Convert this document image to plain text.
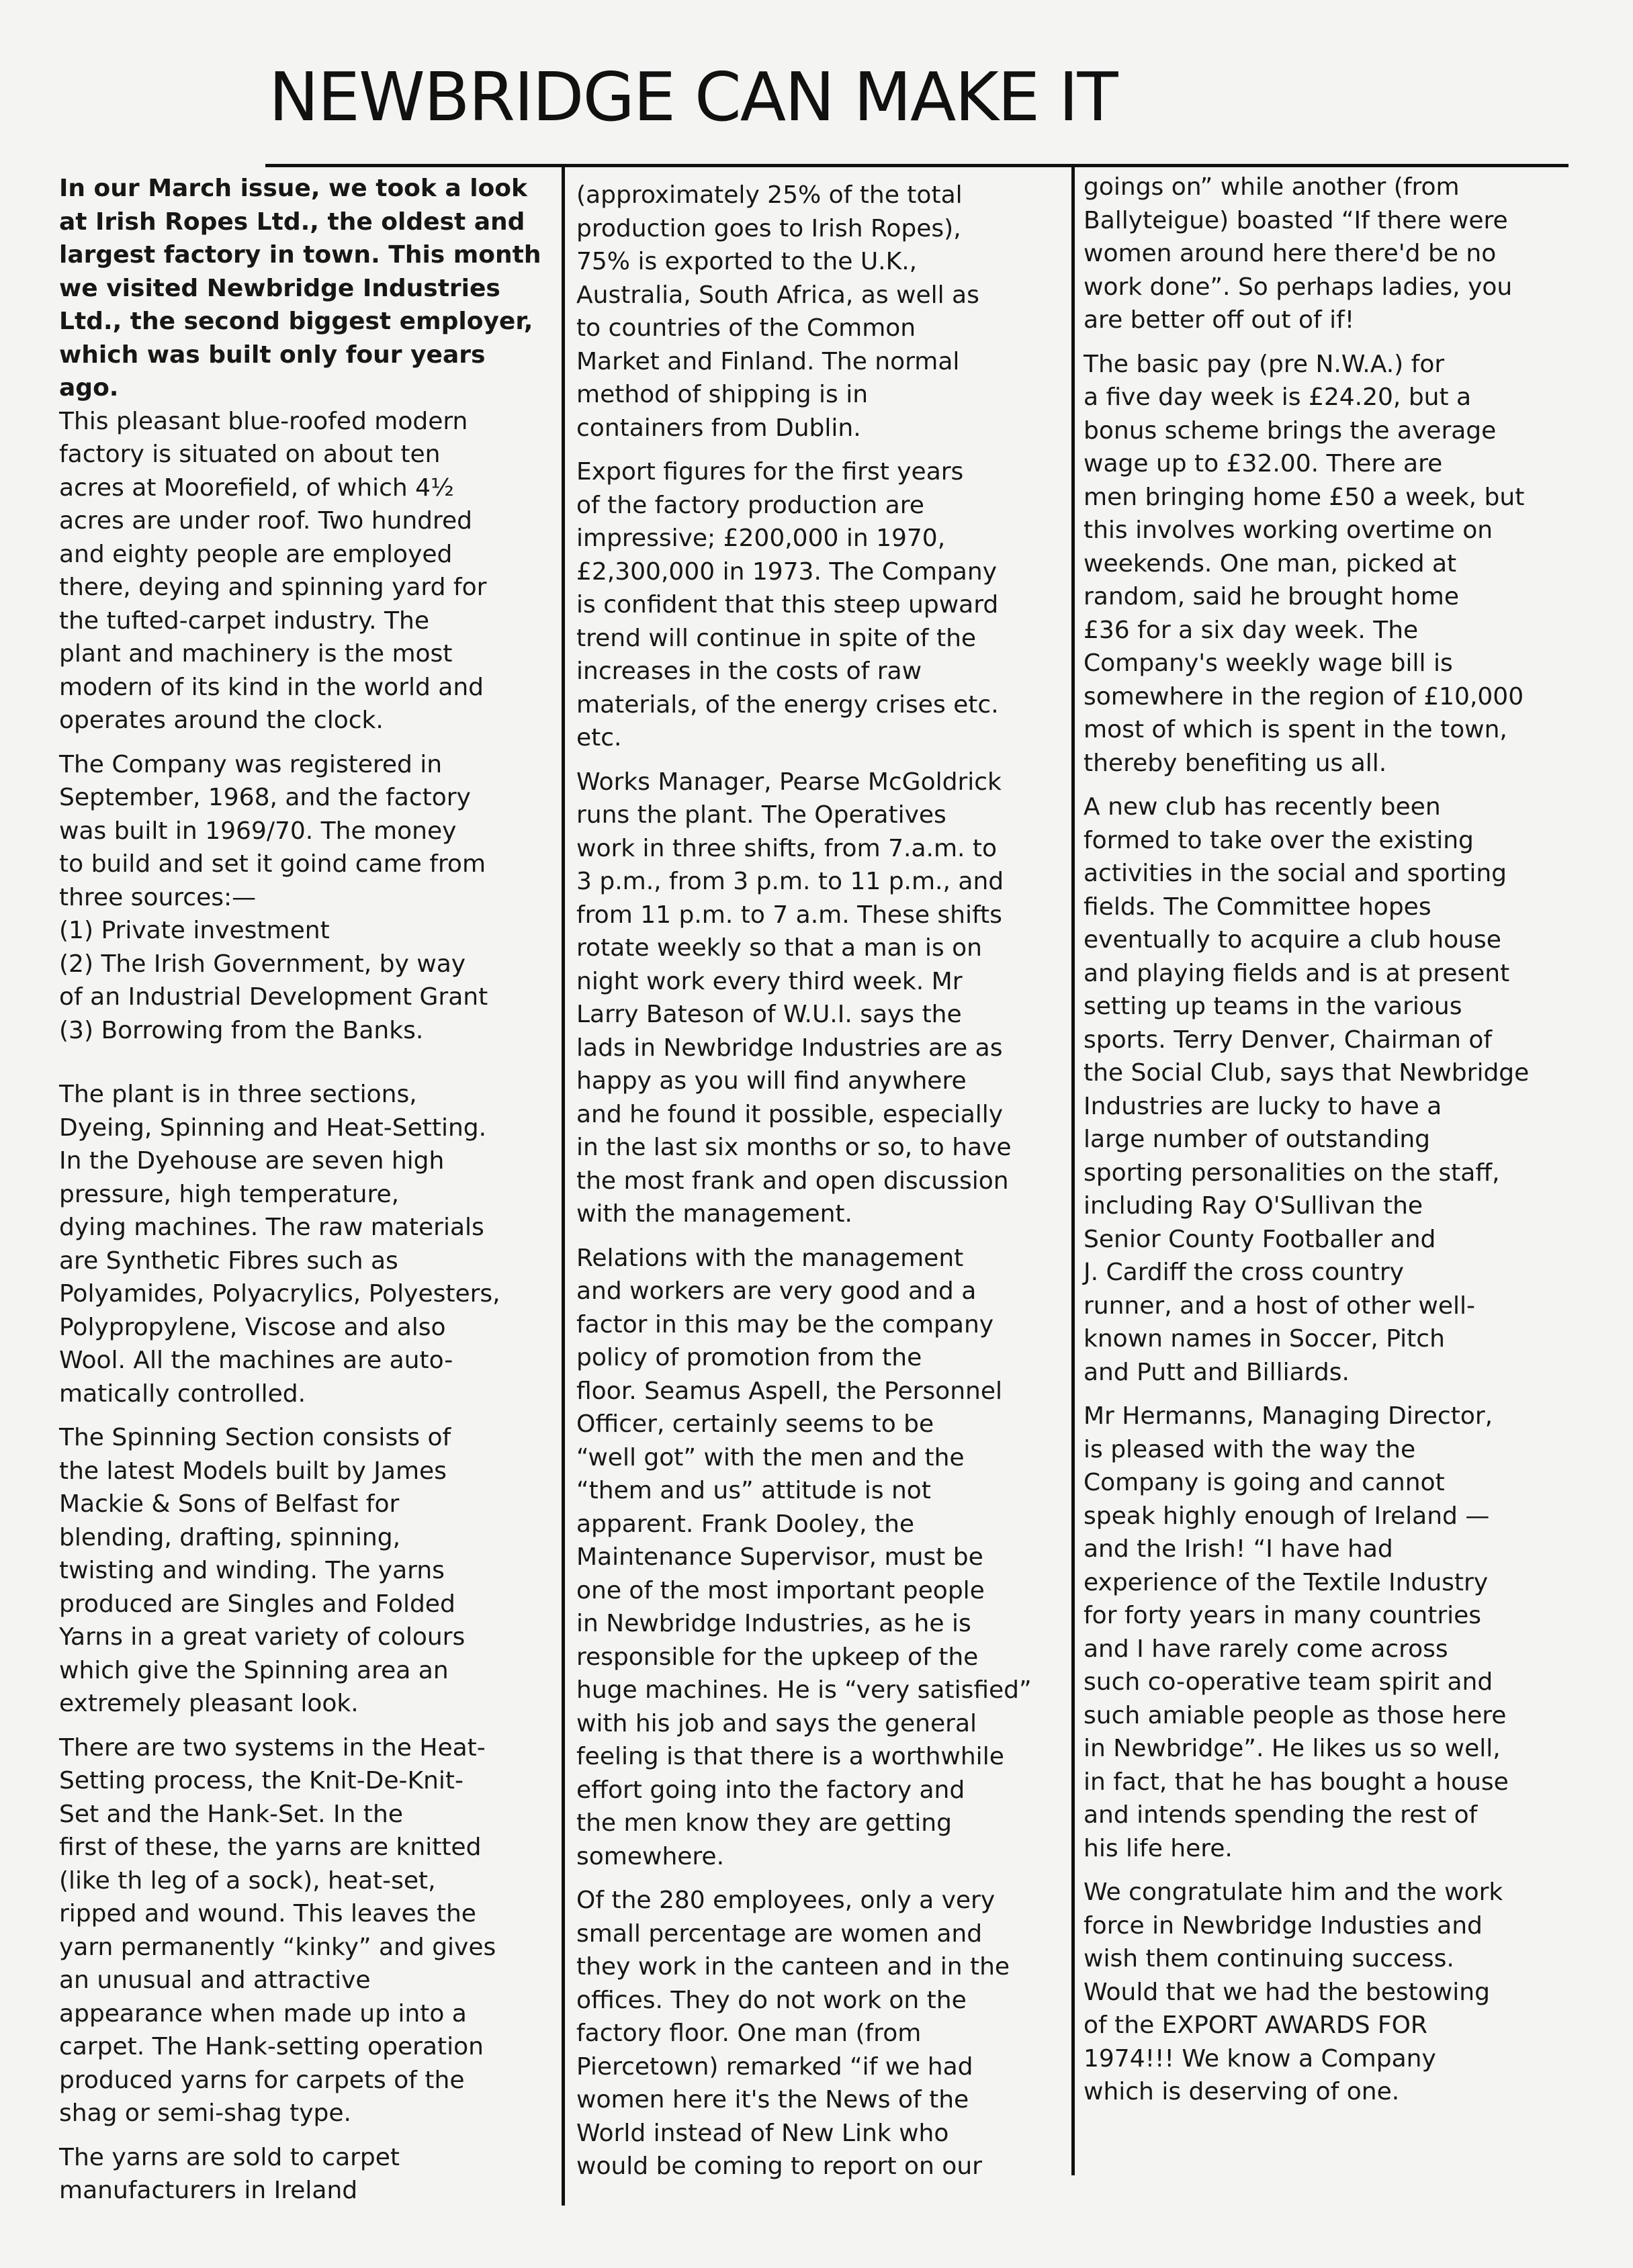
NEWBRIDGE CAN MAKE IT

In our March issue, we took a look
at Irish Ropes Ltd., the oldest and
largest factory in town. This month
we visited Newbridge Industries
Ltd., the second biggest employer,
which was built only four years
ago.

This pleasant blue-roofed modern
factory is situated on about ten
acres at Moorefield, of which 4½
acres are under roof. Two hundred
and eighty people are employed
there, deying and spinning yard for
the tufted-carpet industry. The
plant and machinery is the most
modern of its kind in the world and
operates around the clock.

The Company was registered in
September, 1968, and the factory
was built in 1969/70. The money
to build and set it goind came from
three sources:—
(1) Private investment
(2) The Irish Government, by way
of an Industrial Development Grant
(3) Borrowing from the Banks.

The plant is in three sections,
Dyeing, Spinning and Heat-Setting.
In the Dyehouse are seven high
pressure, high temperature,
dying machines. The raw materials
are Synthetic Fibres such as
Polyamides, Polyacrylics, Polyesters,
Polypropylene, Viscose and also
Wool. All the machines are auto-
matically controlled.

The Spinning Section consists of
the latest Models built by James
Mackie & Sons of Belfast for
blending, drafting, spinning,
twisting and winding. The yarns
produced are Singles and Folded
Yarns in a great variety of colours
which give the Spinning area an
extremely pleasant look.

There are two systems in the Heat-
Setting process, the Knit-De-Knit-
Set and the Hank-Set. In the
first of these, the yarns are knitted
(like th leg of a sock), heat-set,
ripped and wound. This leaves the
yarn permanently “kinky” and gives
an unusual and attractive
appearance when made up into a
carpet. The Hank-setting operation
produced yarns for carpets of the
shag or semi-shag type.

The yarns are sold to carpet
manufacturers in Ireland

(approximately 25% of the total
production goes to Irish Ropes),
75% is exported to the U.K.,
Australia, South Africa, as well as
to countries of the Common
Market and Finland. The normal
method of shipping is in
containers from Dublin.

Export figures for the first years
of the factory production are
impressive; £200,000 in 1970,
£2,300,000 in 1973. The Company
is confident that this steep upward
trend will continue in spite of the
increases in the costs of raw
materials, of the energy crises etc.
etc.

Works Manager, Pearse McGoldrick
runs the plant. The Operatives
work in three shifts, from 7.a.m. to
3 p.m., from 3 p.m. to 11 p.m., and
from 11 p.m. to 7 a.m. These shifts
rotate weekly so that a man is on
night work every third week. Mr
Larry Bateson of W.U.I. says the
lads in Newbridge Industries are as
happy as you will find anywhere
and he found it possible, especially
in the last six months or so, to have
the most frank and open discussion
with the management.

Relations with the management
and workers are very good and a
factor in this may be the company
policy of promotion from the
floor. Seamus Aspell, the Personnel
Officer, certainly seems to be
“well got” with the men and the
“them and us” attitude is not
apparent. Frank Dooley, the
Maintenance Supervisor, must be
one of the most important people
in Newbridge Industries, as he is
responsible for the upkeep of the
huge machines. He is “very satisfied”
with his job and says the general
feeling is that there is a worthwhile
effort going into the factory and
the men know they are getting
somewhere.

Of the 280 employees, only a very
small percentage are women and
they work in the canteen and in the
offices. They do not work on the
factory floor. One man (from
Piercetown) remarked “if we had
women here it's the News of the
World instead of New Link who
would be coming to report on our

goings on” while another (from
Ballyteigue) boasted “If there were
women around here there'd be no
work done”. So perhaps ladies, you
are better off out of if!

The basic pay (pre N.W.A.) for
a five day week is £24.20, but a
bonus scheme brings the average
wage up to £32.00. There are
men bringing home £50 a week, but
this involves working overtime on
weekends. One man, picked at
random, said he brought home
£36 for a six day week. The
Company's weekly wage bill is
somewhere in the region of £10,000
most of which is spent in the town,
thereby benefiting us all.

A new club has recently been
formed to take over the existing
activities in the social and sporting
fields. The Committee hopes
eventually to acquire a club house
and playing fields and is at present
setting up teams in the various
sports. Terry Denver, Chairman of
the Social Club, says that Newbridge
Industries are lucky to have a
large number of outstanding
sporting personalities on the staff,
including Ray O'Sullivan the
Senior County Footballer and
J. Cardiff the cross country
runner, and a host of other well-
known names in Soccer, Pitch
and Putt and Billiards.

Mr Hermanns, Managing Director,
is pleased with the way the
Company is going and cannot
speak highly enough of Ireland —
and the Irish! “I have had
experience of the Textile Industry
for forty years in many countries
and I have rarely come across
such co-operative team spirit and
such amiable people as those here
in Newbridge”. He likes us so well,
in fact, that he has bought a house
and intends spending the rest of
his life here.

We congratulate him and the work
force in Newbridge Industies and
wish them continuing success.
Would that we had the bestowing
of the EXPORT AWARDS FOR
1974!!! We know a Company
which is deserving of one.
